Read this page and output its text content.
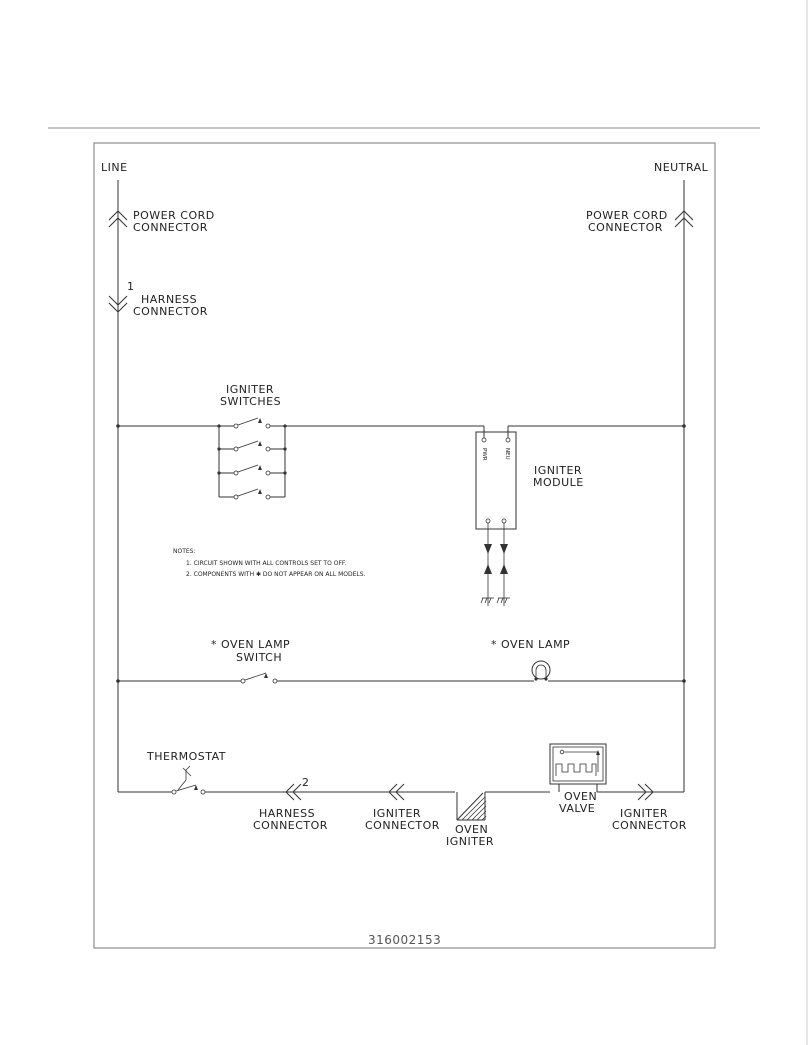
LINE	NEUTRAL
POWER CORD
CONNECTOR
POWER CORD
CONNECTOR
1
HARNESS
CONNECTOR
IGNITER
SWITCHES
PWR	NEU
IGNITER
MODULE
NOTES:
1. CIRCUIT SHOWN WITH ALL CONTROLS SET TO OFF.
2. COMPONENTS WITH ✱ DO NOT APPEAR ON ALL MODELS.
* OVEN LAMP
SWITCH
* OVEN LAMP
THERMOSTAT
2
HARNESS
CONNECTOR
IGNITER
CONNECTOR OVEN
IGNITER
OVEN
VALVE IGNITER
CONNECTOR
316002153
